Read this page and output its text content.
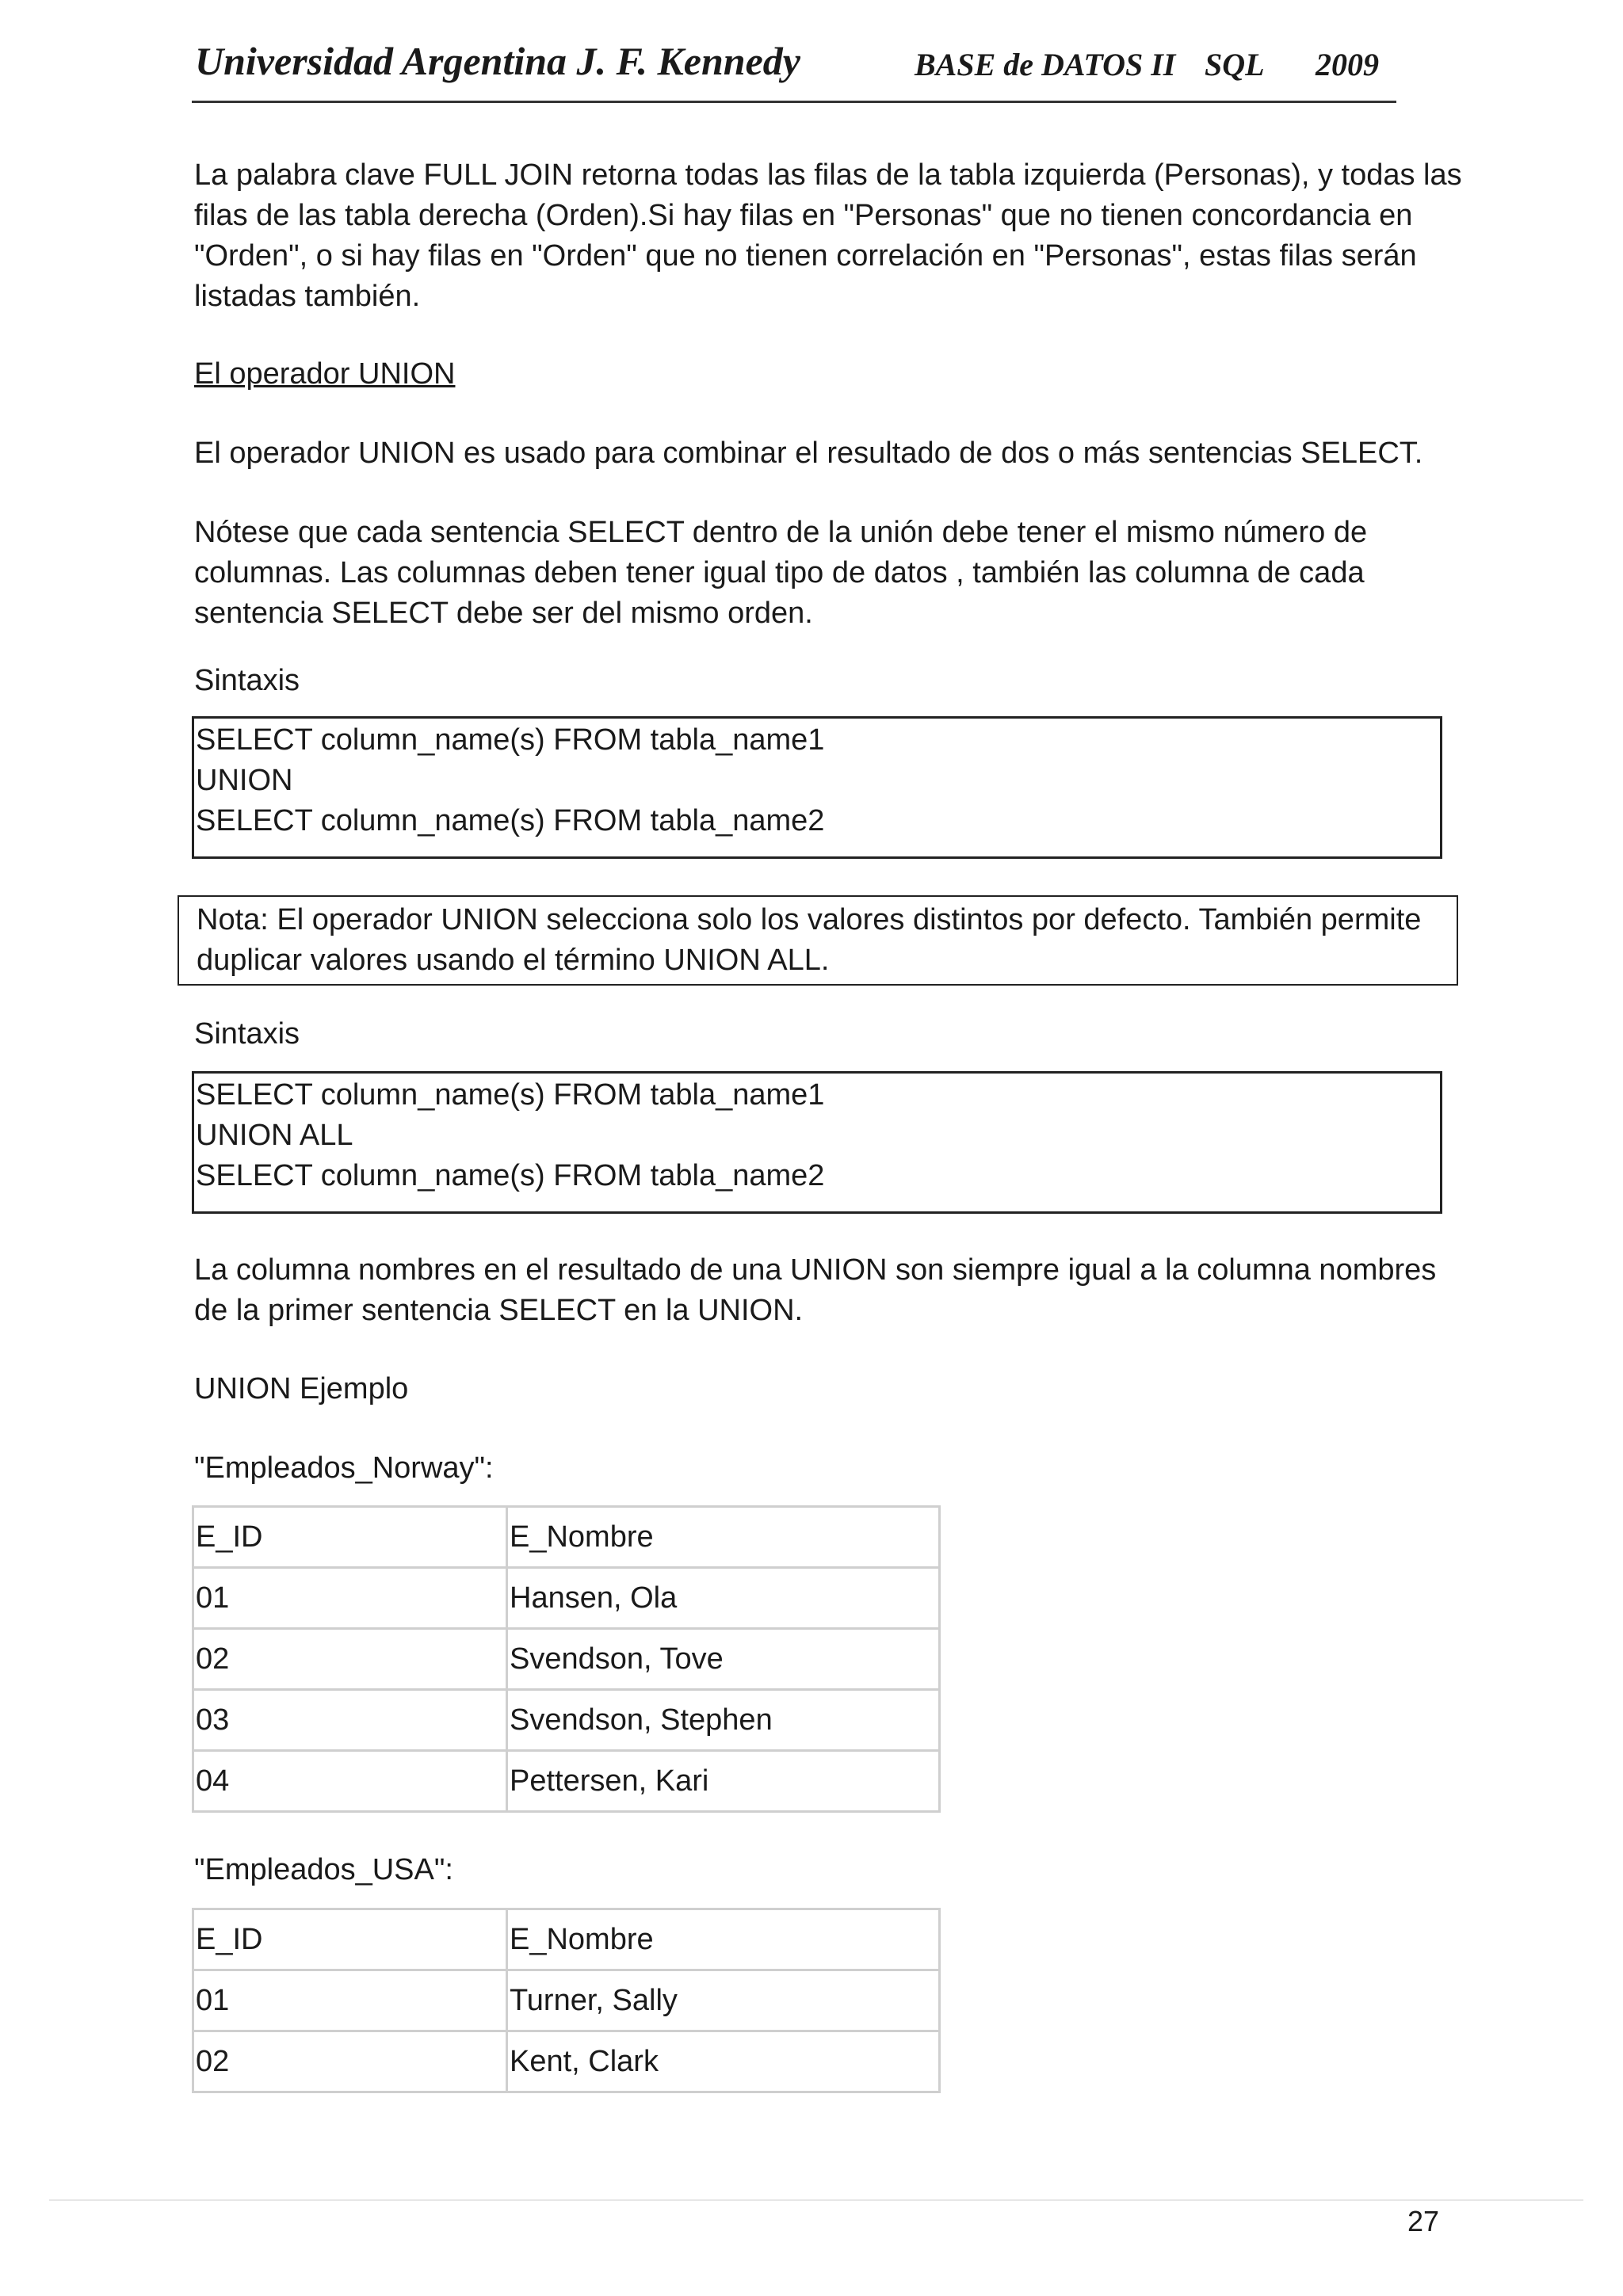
Universidad Argentina J. F. Kennedy	BASE de DATOS II SQL 2009
La palabra clave FULL JOIN retorna todas las filas de la tabla izquierda (Personas), y todas las
filas de las tabla derecha (Orden).Si hay filas en "Personas" que no tienen concordancia en
"Orden", o si hay filas en "Orden" que no tienen correlación en "Personas", estas filas serán
listadas también.
El operador UNION
El operador UNION es usado para combinar el resultado de dos o más sentencias SELECT.
Nótese que cada sentencia SELECT dentro de la unión debe tener el mismo número de
columnas. Las columnas deben tener igual tipo de datos , también las columna de cada
sentencia SELECT debe ser del mismo orden.
Sintaxis
SELECT column_name(s) FROM tabla_name1
UNION
SELECT column_name(s) FROM tabla_name2
Nota: El operador UNION selecciona solo los valores distintos por defecto. También permite
duplicar valores usando el término UNION ALL.
Sintaxis
SELECT column_name(s) FROM tabla_name1
UNION ALL
SELECT column_name(s) FROM tabla_name2
La columna nombres en el resultado de una UNION son siempre igual a la columna nombres
de la primer sentencia SELECT en la UNION.
UNION Ejemplo
"Empleados_Norway":
E_ID	E_Nombre
01	Hansen, Ola
02	Svendson, Tove
03	Svendson, Stephen
04	Pettersen, Kari
"Empleados_USA":
E_ID	E_Nombre
01	Turner, Sally
02	Kent, Clark
27
